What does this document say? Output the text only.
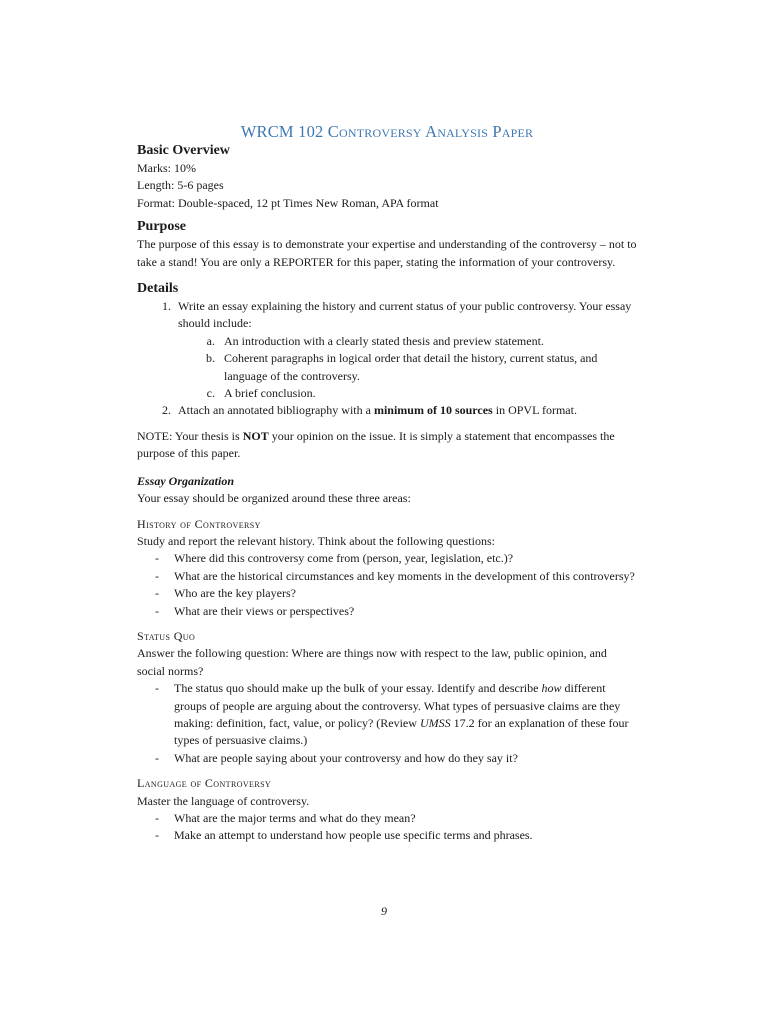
WRCM 102 Controversy Analysis Paper
Basic Overview

Marks: 10%

Length: 5-6 pages

Format: Double-spaced, 12 pt Times New Roman, APA format

Purpose

The purpose of this essay is to demonstrate your expertise and understanding of the controversy – not to take a stand! You are only a REPORTER for this paper, stating the information of your controversy.

Details
1. Write an essay explaining the history and current status of your public controversy. Your essay should include:
a. An introduction with a clearly stated thesis and preview statement.
b. Coherent paragraphs in logical order that detail the history, current status, and language of the controversy.
c. A brief conclusion.
2. Attach an annotated bibliography with a minimum of 10 sources in OPVL format.

NOTE: Your thesis is NOT your opinion on the issue. It is simply a statement that encompasses the purpose of this paper.

Essay Organization

Your essay should be organized around these three areas:

History of Controversy

Study and report the relevant history. Think about the following questions:

- Where did this controversy come from (person, year, legislation, etc.)?
- What are the historical circumstances and key moments in the development of this controversy?
- Who are the key players?
- What are their views or perspectives?

Status Quo

Answer the following question: Where are things now with respect to the law, public opinion, and social norms?

- The status quo should make up the bulk of your essay. Identify and describe how different groups of people are arguing about the controversy. What types of persuasive claims are they making: definition, fact, value, or policy? (Review UMSS 17.2 for an explanation of these four types of persuasive claims.)
- What are people saying about your controversy and how do they say it?

Language of Controversy

Master the language of controversy.

- What are the major terms and what do they mean?
- Make an attempt to understand how people use specific terms and phrases.
9
